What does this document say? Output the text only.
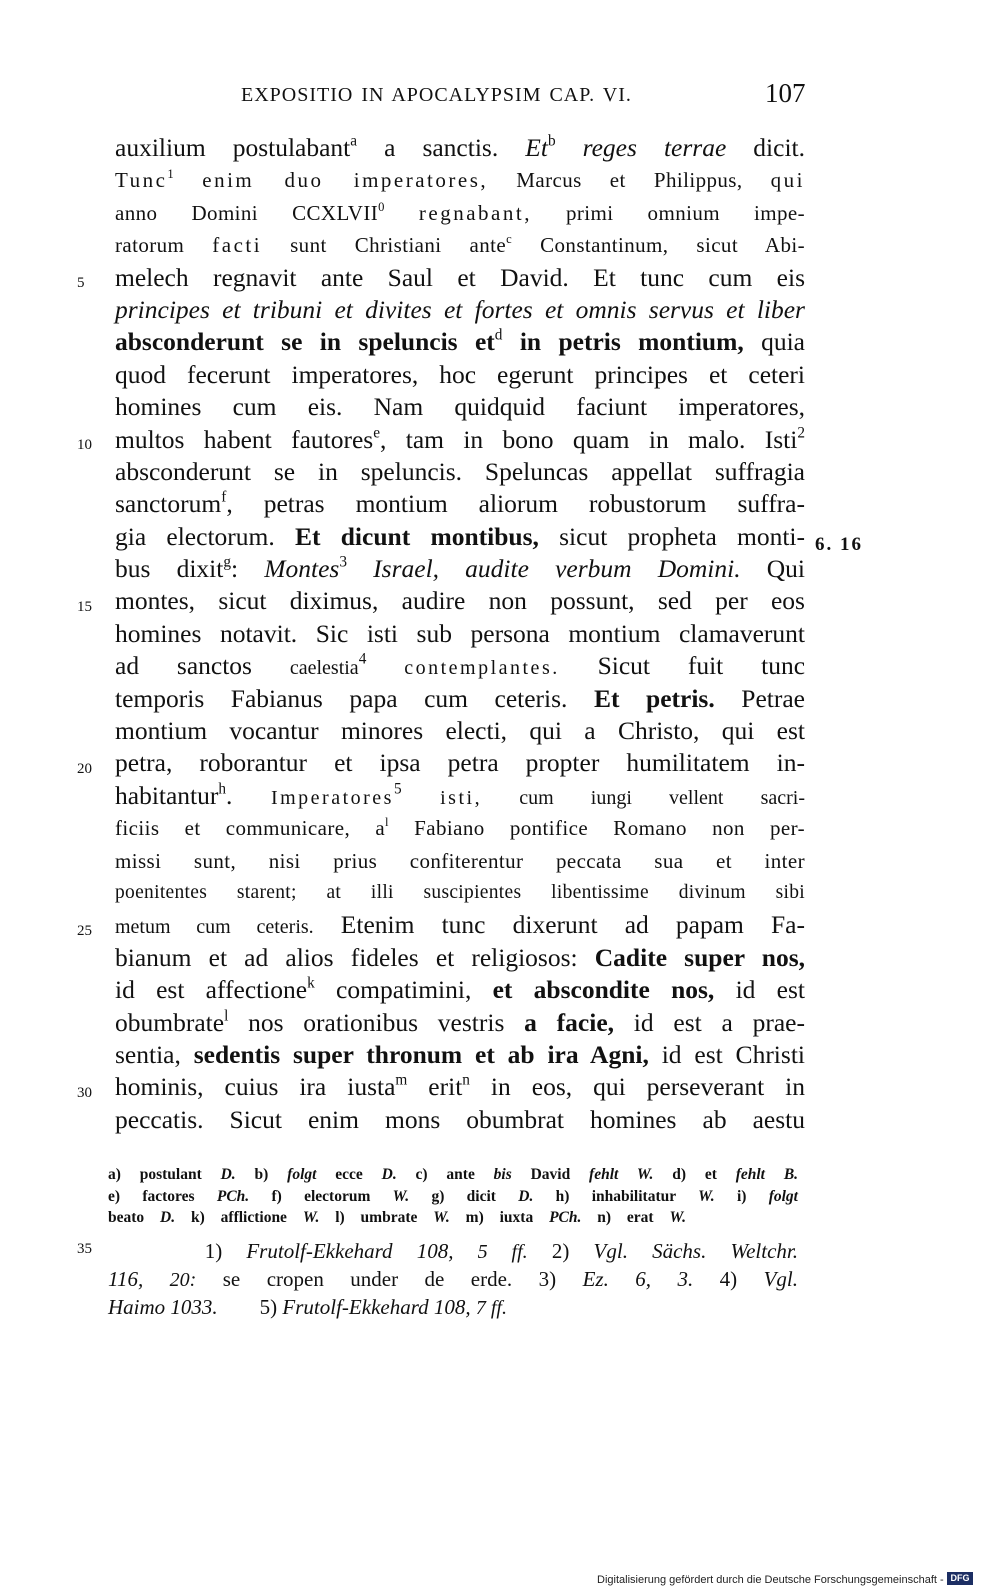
EXPOSITIO IN APOCALYPSIM CAP. VI.	107
auxilium postulabant$^a$ a sanctis. Et$^b$ reges terrae dicit.
Tunc$^1$ enim duo imperatores, Marcus et Philippus, qui
anno Domini CCXLVII$^0$ regnabant, primi omnium impe-
ratorum facti sunt Christiani ante$^c$ Constantinum, sicut Abi-
melech regnavit ante Saul et David. Et tunc cum eis
principes et tribuni et divites et fortes et omnis servus et liber
absconderunt se in speluncis $et^d$ in petris montium, quia
quod fecerunt imperatores, hoc egerunt principes et ceteri
homines cum eis. Nam quidquid faciunt imperatores,
multos habent fautores$^e$, tam in bono quam in malo. Isti$^2$
absconderunt se in speluncis. Speluncas appellat suffragia
sanctorum$^f$, petras montium aliorum robustorum suffra-
gia electorum. Et dicunt montibus, sicut propheta monti-
bus dixit$^g$: Montes$^3$ Israel, audite verbum Domini. Qui
montes, sicut diximus, audire non possunt, sed per eos
homines notavit. Sic isti sub persona montium clamaverunt
ad sanctos caelestia$^4$ contemplantes. Sicut fuit tunc
temporis Fabianus papa cum ceteris. Et petris. Petrae
montium vocantur minores electi, qui a Christo, qui est
petra, roborantur et ipsa petra propter humilitatem in-
habitantur$^h$. Imperatores$^5$ isti, cum iungi vellent sacri-
ficiis et communicare, $a^l$ Fabiano pontifice Romano non per-
missi sunt, nisi prius confiterentur peccata sua et inter
poenitentes starent; at illi suscipientes libentissime divinum sibi
metum cum ceteris. Etenim tunc dixerunt ad papam Fa-
bianum et ad alios fideles et religiosos: Cadite super nos,
id est affectione$^k$ compatimini, et abscondite nos, id est
obumbrate$^l$ nos orationibus vestris a facie, id est a prae-
sentia, sedentis super thronum et ab ira Agni, id est Christi
hominis, cuius ira iusta$^m$ erit$^n$ in eos, qui perseverant in
peccatis. Sicut enim mons obumbrat homines ab aestu
5
10
15
20
25
30
35
6. 16
a) postulant D. b) folgt ecce D. c) ante bis David fehlt W. d) et fehlt B.
e) factores PCh. f) electorum W. g) dicit D. h) inhabilitatur W. i) folgt
beato D. k) afflictione W. l) umbrate W. m) iuxta PCh. n) erat W.
1) Frutolf-Ekkehard 108, 5 ff. 2) Vgl. Sächs. Weltchr.
116, 20: se cropen under de erde. 3) Ez. 6, 3. 4) Vgl.
Haimo 1033. 5) Frutolf-Ekkehard 108, 7 ff.
Digitalisierung gefördert durch die Deutsche Forschungsgemeinschaft - DFG
